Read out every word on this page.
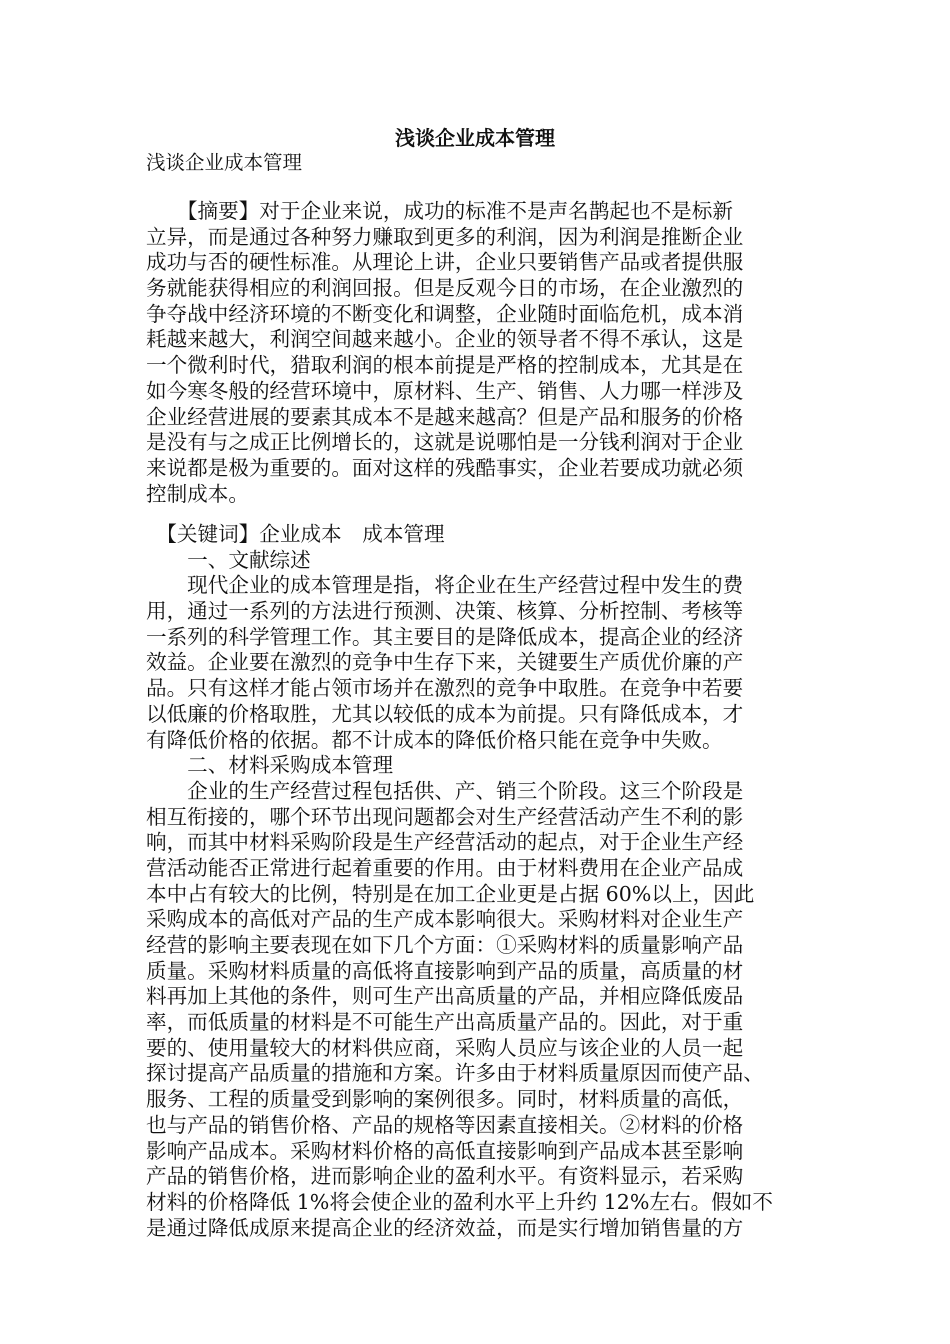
浅谈企业成本管理
浅谈企业成本管理
　　【摘要】对于企业来说，成功的标准不是声名鹊起也不是标新
立异，而是通过各种努力赚取到更多的利润，因为利润是推断企业
成功与否的硬性标准。从理论上讲，企业只要销售产品或者提供服
务就能获得相应的利润回报。但是反观今日的市场，在企业激烈的
争夺战中经济环境的不断变化和调整，企业随时面临危机，成本消
耗越来越大，利润空间越来越小。企业的领导者不得不承认，这是
一个微利时代，猎取利润的根本前提是严格的控制成本，尤其是在
如今寒冬般的经营环境中，原材料、生产、销售、人力哪一样涉及
企业经营进展的要素其成本不是越来越高？但是产品和服务的价格
是没有与之成正比例增长的，这就是说哪怕是一分钱利润对于企业
来说都是极为重要的。面对这样的残酷事实，企业若要成功就必须
控制成本。
　【关键词】企业成本　成本管理
　　一、文献综述
　　现代企业的成本管理是指，将企业在生产经营过程中发生的费
用，通过一系列的方法进行预测、决策、核算、分析控制、考核等
一系列的科学管理工作。其主要目的是降低成本，提高企业的经济
效益。企业要在激烈的竞争中生存下来，关键要生产质优价廉的产
品。只有这样才能占领市场并在激烈的竞争中取胜。在竞争中若要
以低廉的价格取胜，尤其以较低的成本为前提。只有降低成本，才
有降低价格的依据。都不计成本的降低价格只能在竞争中失败。
　　二、材料采购成本管理
　　企业的生产经营过程包括供、产、销三个阶段。这三个阶段是
相互衔接的，哪个环节出现问题都会对生产经营活动产生不利的影
响，而其中材料采购阶段是生产经营活动的起点，对于企业生产经
营活动能否正常进行起着重要的作用。由于材料费用在企业产品成
本中占有较大的比例，特别是在加工企业更是占据 60%以上，因此
采购成本的高低对产品的生产成本影响很大。采购材料对企业生产
经营的影响主要表现在如下几个方面：①采购材料的质量影响产品
质量。采购材料质量的高低将直接影响到产品的质量，高质量的材
料再加上其他的条件，则可生产出高质量的产品，并相应降低废品
率，而低质量的材料是不可能生产出高质量产品的。因此，对于重
要的、使用量较大的材料供应商，采购人员应与该企业的人员一起
探讨提高产品质量的措施和方案。许多由于材料质量原因而使产品、
服务、工程的质量受到影响的案例很多。同时，材料质量的高低，
也与产品的销售价格、产品的规格等因素直接相关。②材料的价格
影响产品成本。采购材料价格的高低直接影响到产品成本甚至影响
产品的销售价格，进而影响企业的盈利水平。有资料显示，若采购
材料的价格降低 1%将会使企业的盈利水平上升约 12%左右。假如不
是通过降低成原来提高企业的经济效益，而是实行增加销售量的方
